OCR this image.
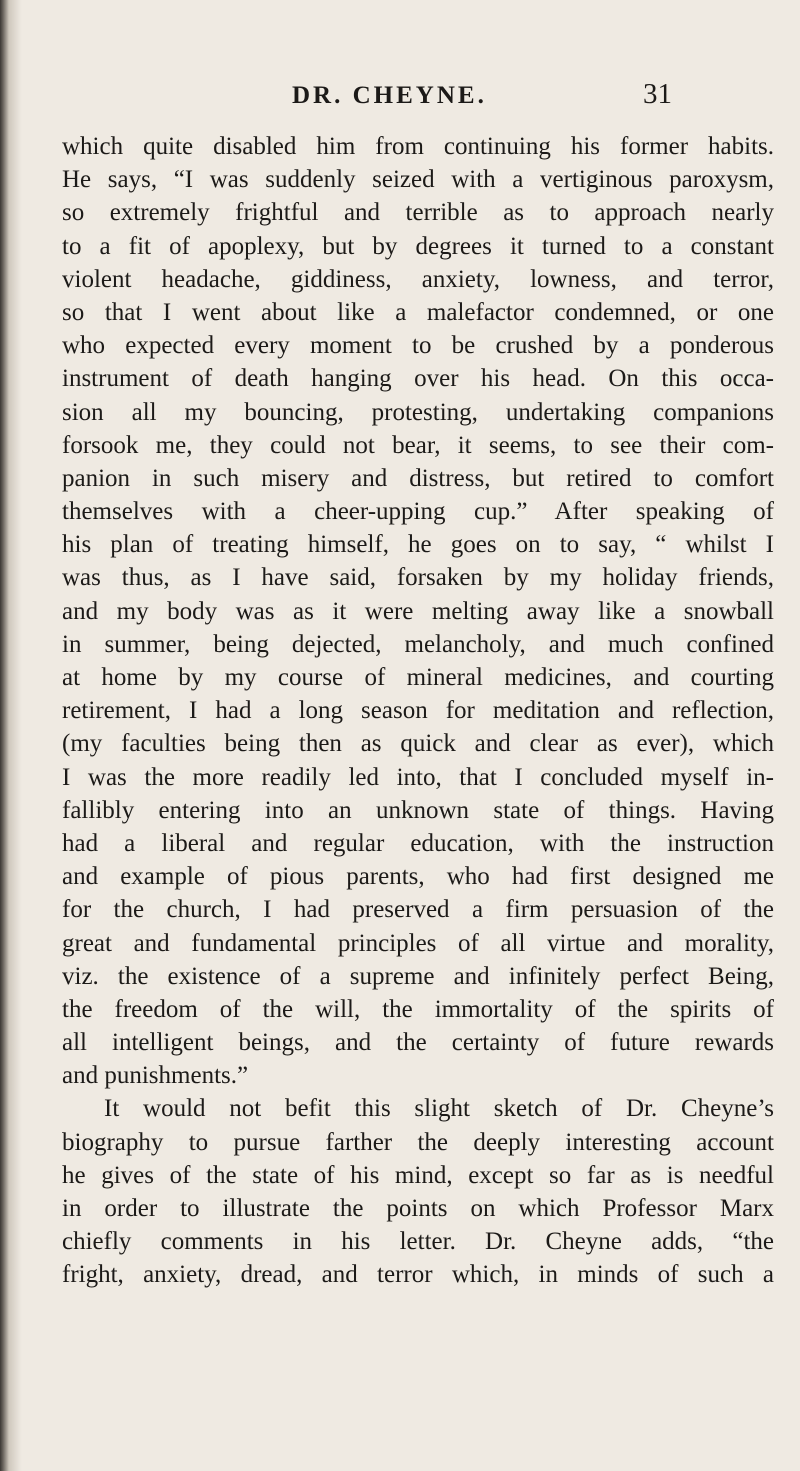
DR. CHEYNE.	31
which quite disabled him from continuing his former habits.
He says, “I was suddenly seized with a vertiginous paroxysm,
so extremely frightful and terrible as to approach nearly
to a fit of apoplexy, but by degrees it turned to a constant
violent headache, giddiness, anxiety, lowness, and terror,
so that I went about like a malefactor condemned, or one
who expected every moment to be crushed by a ponderous
instrument of death hanging over his head. On this occa-
sion all my bouncing, protesting, undertaking companions
forsook me, they could not bear, it seems, to see their com-
panion in such misery and distress, but retired to comfort
themselves with a cheer-upping cup.” After speaking of
his plan of treating himself, he goes on to say, “ whilst I
was thus, as I have said, forsaken by my holiday friends,
and my body was as it were melting away like a snowball
in summer, being dejected, melancholy, and much confined
at home by my course of mineral medicines, and courting
retirement, I had a long season for meditation and reflection,
(my faculties being then as quick and clear as ever), which
I was the more readily led into, that I concluded myself in-
fallibly entering into an unknown state of things. Having
had a liberal and regular education, with the instruction
and example of pious parents, who had first designed me
for the church, I had preserved a firm persuasion of the
great and fundamental principles of all virtue and morality,
viz. the existence of a supreme and infinitely perfect Being,
the freedom of the will, the immortality of the spirits of
all intelligent beings, and the certainty of future rewards
and punishments.”
It would not befit this slight sketch of Dr. Cheyne’s
biography to pursue farther the deeply interesting account
he gives of the state of his mind, except so far as is needful
in order to illustrate the points on which Professor Marx
chiefly comments in his letter. Dr. Cheyne adds, “the
fright, anxiety, dread, and terror which, in minds of such a
